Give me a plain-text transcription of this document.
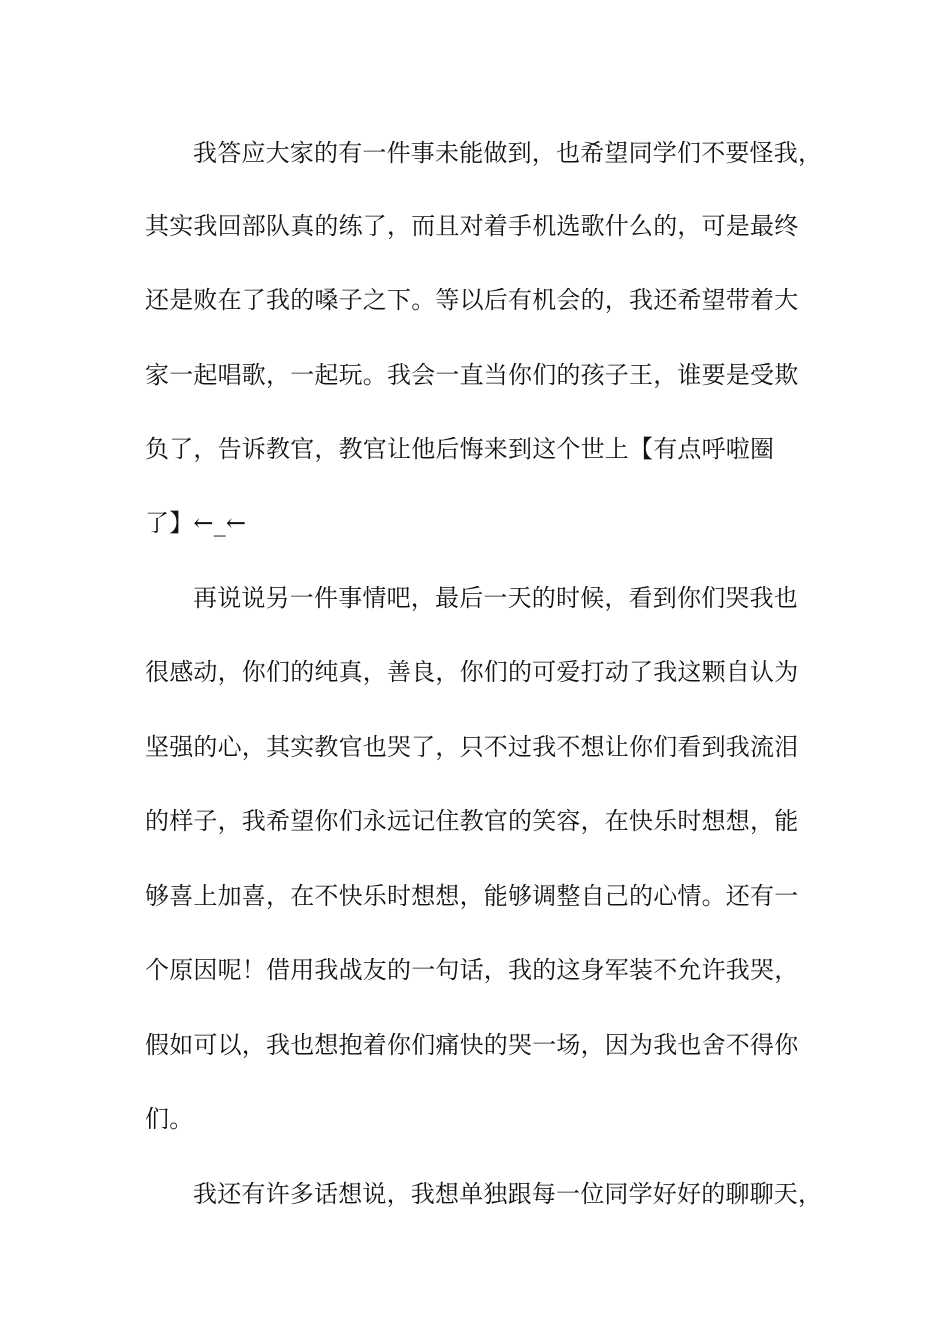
我答应大家的有一件事未能做到，也希望同学们不要怪我，
其实我回部队真的练了，而且对着手机选歌什么的，可是最终
还是败在了我的嗓子之下。等以后有机会的，我还希望带着大
家一起唱歌，一起玩。我会一直当你们的孩子王，谁要是受欺
负了，告诉教官，教官让他后悔来到这个世上【有点呼啦圈
了】←_←
再说说另一件事情吧，最后一天的时候，看到你们哭我也
很感动，你们的纯真，善良，你们的可爱打动了我这颗自认为
坚强的心，其实教官也哭了，只不过我不想让你们看到我流泪
的样子，我希望你们永远记住教官的笑容，在快乐时想想，能
够喜上加喜，在不快乐时想想，能够调整自己的心情。还有一
个原因呢！借用我战友的一句话，我的这身军装不允许我哭，
假如可以，我也想抱着你们痛快的哭一场，因为我也舍不得你
们。
我还有许多话想说，我想单独跟每一位同学好好的聊聊天，
